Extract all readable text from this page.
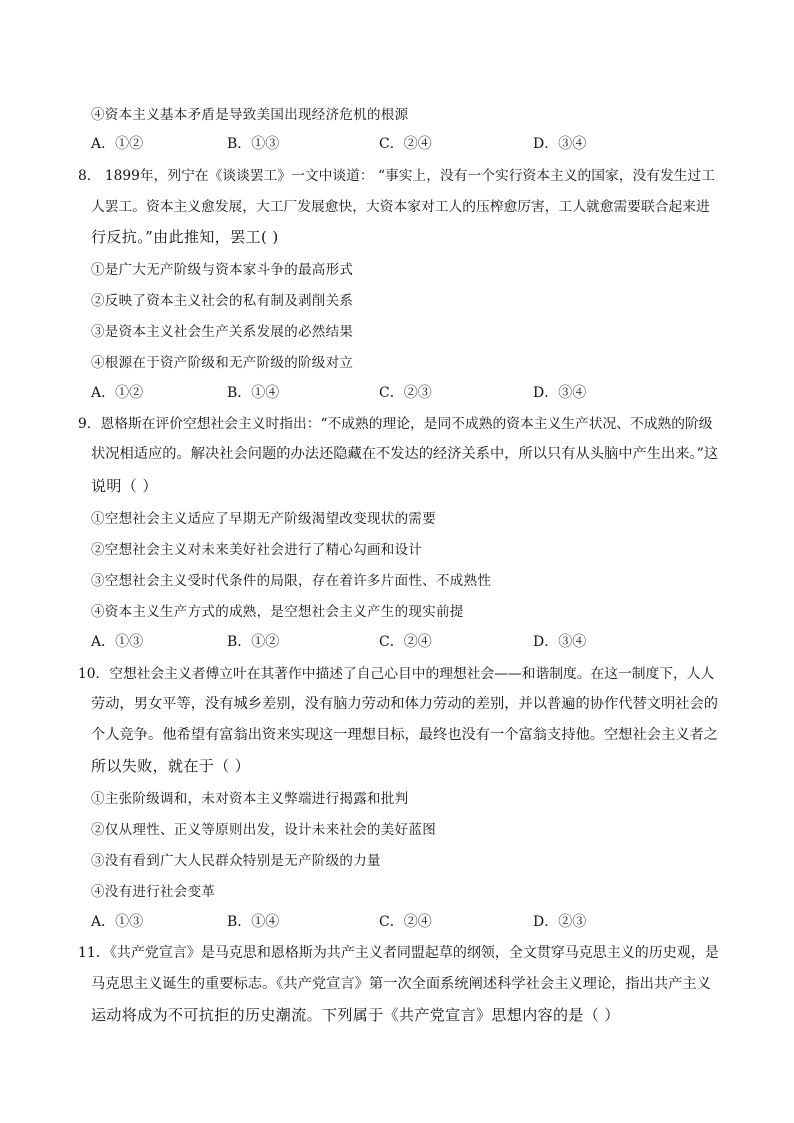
④资本主义基本矛盾是导致美国出现经济危机的根源
A．①②	B．①③	C．②④	D．③④
8． 1899年，列宁在《谈谈罢工》一文中谈道： “事实上，没有一个实行资本主义的国家，没有发生过工
人罢工。资本主义愈发展，大工厂发展愈快，大资本家对工人的压榨愈厉害，工人就愈需要联合起来进
行反抗。”由此推知，罢工( )
①是广大无产阶级与资本家斗争的最高形式
②反映了资本主义社会的私有制及剥削关系
③是资本主义社会生产关系发展的必然结果
④根源在于资产阶级和无产阶级的阶级对立
A．①②	B．①④	C．②③	D．③④
9．恩格斯在评价空想社会主义时指出：“不成熟的理论，是同不成熟的资本主义生产状况、不成熟的阶级
状况相适应的。解决社会问题的办法还隐藏在不发达的经济关系中，所以只有从头脑中产生出来。”这
说明（ ）
①空想社会主义适应了早期无产阶级渴望改变现状的需要
②空想社会主义对未来美好社会进行了精心勾画和设计
③空想社会主义受时代条件的局限，存在着许多片面性、不成熟性
④资本主义生产方式的成熟，是空想社会主义产生的现实前提
A．①③	B．①②	C．②④	D．③④
10．空想社会主义者傅立叶在其著作中描述了自己心目中的理想社会——和谐制度。在这一制度下，人人
劳动，男女平等，没有城乡差别，没有脑力劳动和体力劳动的差别，并以普遍的协作代替文明社会的
个人竞争。他希望有富翁出资来实现这一理想目标，最终也没有一个富翁支持他。空想社会主义者之
所以失败，就在于（ ）
①主张阶级调和，未对资本主义弊端进行揭露和批判
②仅从理性、正义等原则出发，设计未来社会的美好蓝图
③没有看到广大人民群众特别是无产阶级的力量
④没有进行社会变革
A．①③	B．①④	C．②④	D．②③
11．《共产党宣言》是马克思和恩格斯为共产主义者同盟起草的纲领，全文贯穿马克思主义的历史观，是
马克思主义诞生的重要标志。《共产党宣言》第一次全面系统阐述科学社会主义理论，指出共产主义
运动将成为不可抗拒的历史潮流。下列属于《共产党宣言》思想内容的是（ ）
